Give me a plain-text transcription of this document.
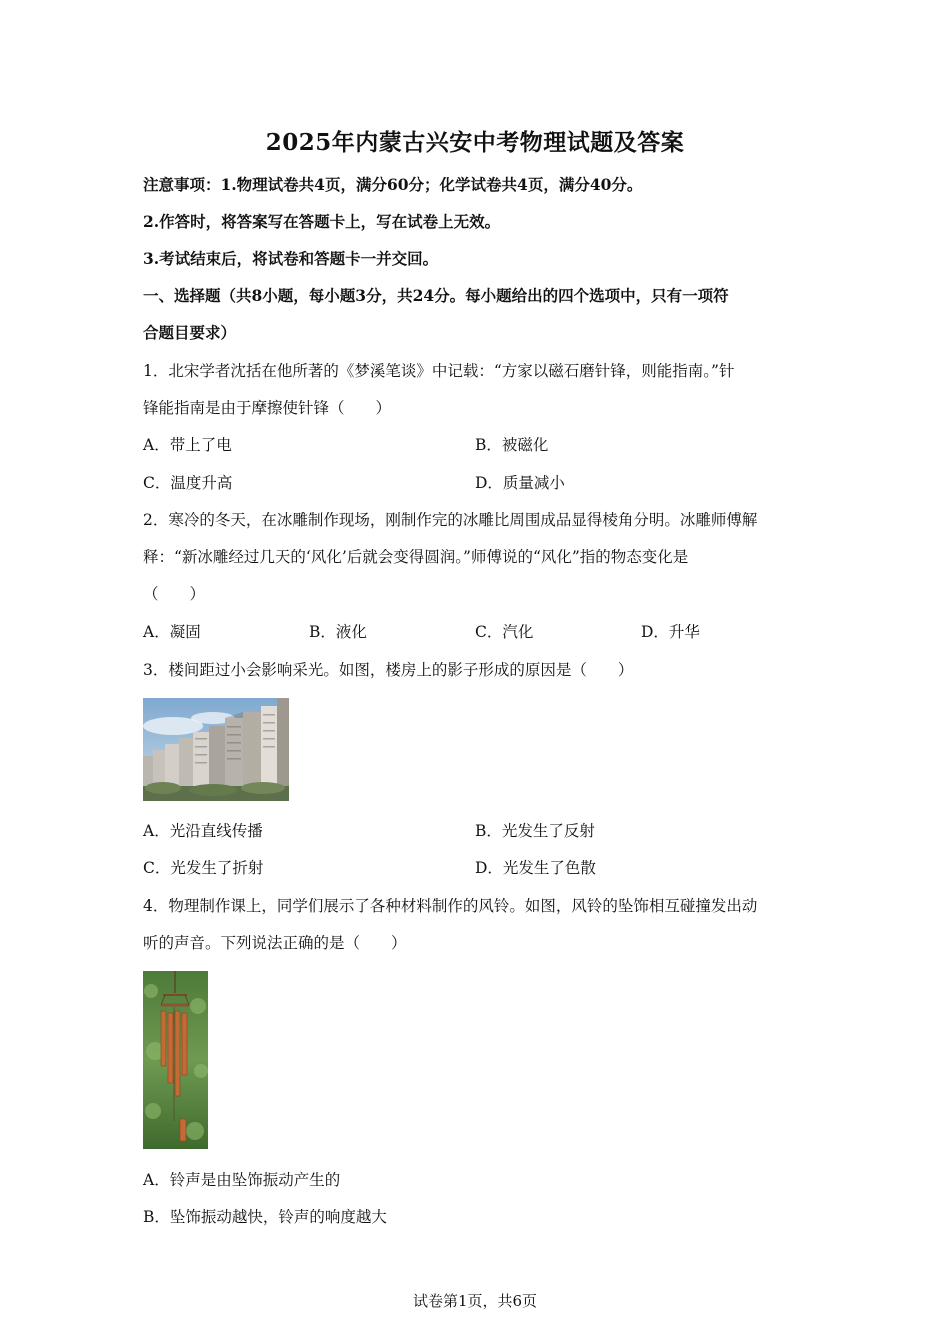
2025年内蒙古兴安中考物理试题及答案
注意事项：1.物理试卷共4页，满分60分；化学试卷共4页，满分40分。
2.作答时，将答案写在答题卡上，写在试卷上无效。
3.考试结束后，将试卷和答题卡一并交回。
一、选择题（共8小题，每小题3分，共24分。每小题给出的四个选项中，只有一项符
合题目要求）
1．北宋学者沈括在他所著的《梦溪笔谈》中记载：“方家以磁石磨针锋，则能指南。”针
锋能指南是由于摩擦使针锋（　　）
A．带上了电	B．被磁化
C．温度升高	D．质量减小
2．寒冷的冬天，在冰雕制作现场，刚制作完的冰雕比周围成品显得棱角分明。冰雕师傅解
释：“新冰雕经过几天的‘风化’后就会变得圆润。”师傅说的“风化”指的物态变化是
（　　）
A．凝固	B．液化	C．汽化	D．升华
3．楼间距过小会影响采光。如图，楼房上的影子形成的原因是（　　）
A．光沿直线传播	B．光发生了反射
C．光发生了折射	D．光发生了色散
4．物理制作课上，同学们展示了各种材料制作的风铃。如图，风铃的坠饰相互碰撞发出动
听的声音。下列说法正确的是（　　）
A．铃声是由坠饰振动产生的
B．坠饰振动越快，铃声的响度越大
试卷第1页，共6页
